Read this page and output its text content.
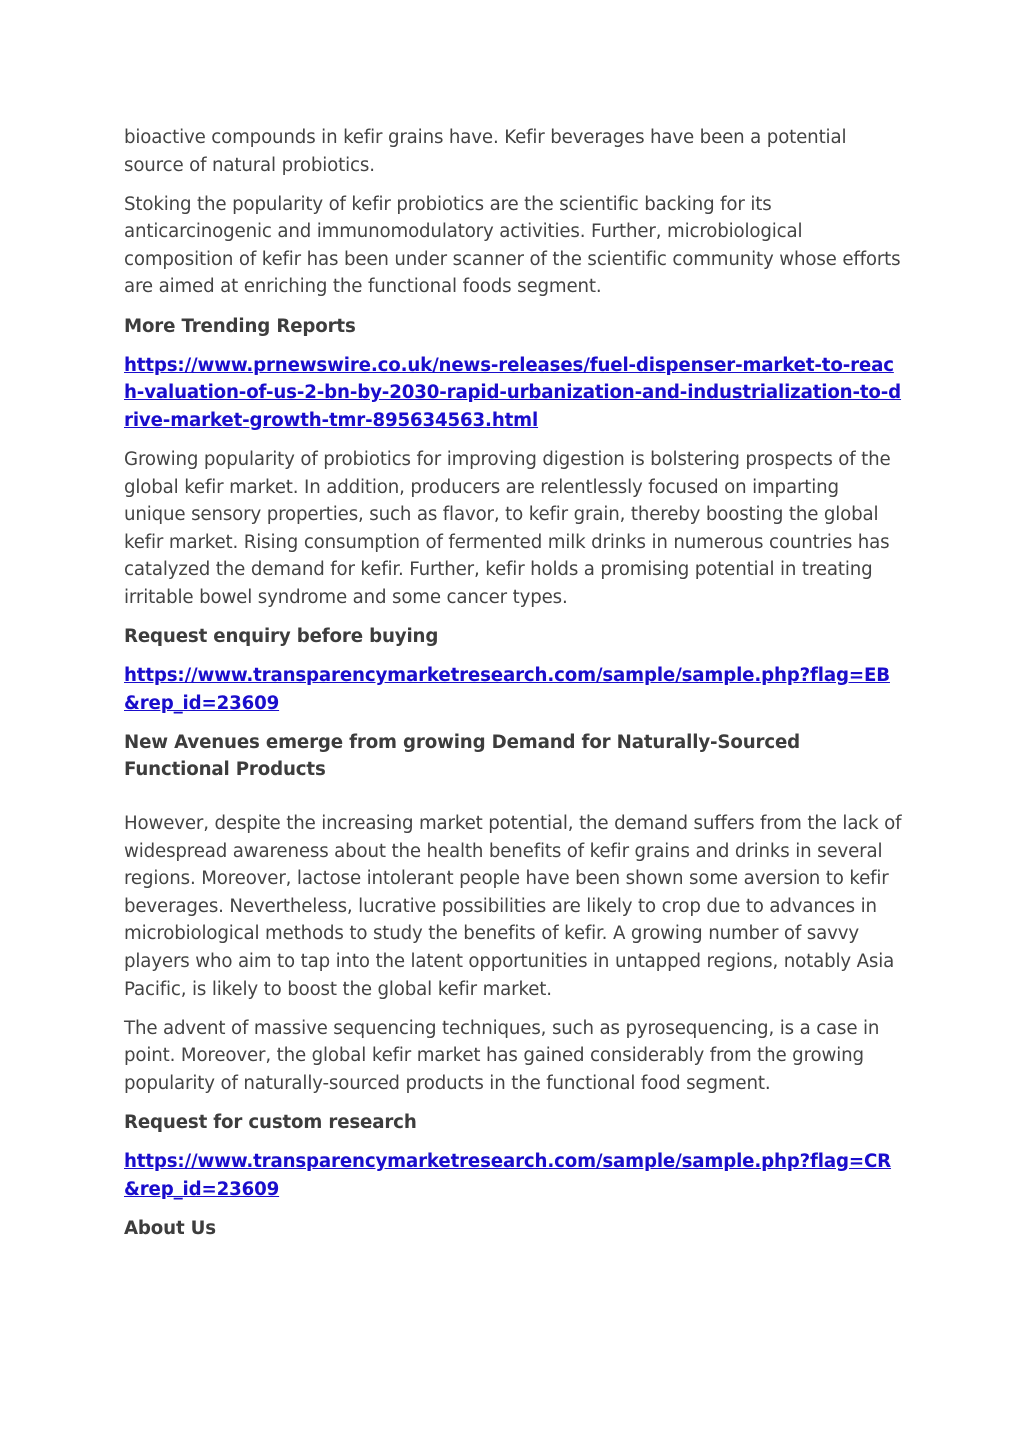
bioactive compounds in kefir grains have. Kefir beverages have been a potential source of natural probiotics.

Stoking the popularity of kefir probiotics are the scientific backing for its anticarcinogenic and immunomodulatory activities. Further, microbiological composition of kefir has been under scanner of the scientific community whose efforts are aimed at enriching the functional foods segment.

More Trending Reports

https://www.prnewswire.co.uk/news-releases/fuel-dispenser-market-to-reach-valuation-of-us-2-bn-by-2030-rapid-urbanization-and-industrialization-to-drive-market-growth-tmr-895634563.html

Growing popularity of probiotics for improving digestion is bolstering prospects of the global kefir market. In addition, producers are relentlessly focused on imparting unique sensory properties, such as flavor, to kefir grain, thereby boosting the global kefir market. Rising consumption of fermented milk drinks in numerous countries has catalyzed the demand for kefir. Further, kefir holds a promising potential in treating irritable bowel syndrome and some cancer types.

Request enquiry before buying

https://www.transparencymarketresearch.com/sample/sample.php?flag=EB&rep_id=23609

New Avenues emerge from growing Demand for Naturally-Sourced Functional Products

However, despite the increasing market potential, the demand suffers from the lack of widespread awareness about the health benefits of kefir grains and drinks in several regions. Moreover, lactose intolerant people have been shown some aversion to kefir beverages. Nevertheless, lucrative possibilities are likely to crop due to advances in microbiological methods to study the benefits of kefir. A growing number of savvy players who aim to tap into the latent opportunities in untapped regions, notably Asia Pacific, is likely to boost the global kefir market.

The advent of massive sequencing techniques, such as pyrosequencing, is a case in point. Moreover, the global kefir market has gained considerably from the growing popularity of naturally-sourced products in the functional food segment.

Request for custom research

https://www.transparencymarketresearch.com/sample/sample.php?flag=CR&rep_id=23609

About Us
